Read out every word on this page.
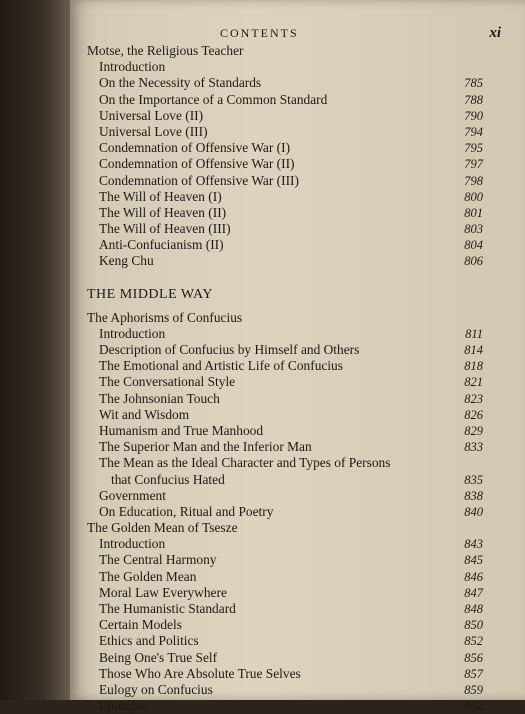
CONTENTS	xi
Motse, the Religious Teacher
Introduction
On the Necessity of Standards	785
On the Importance of a Common Standard	788
Universal Love (II)	790
Universal Love (III)	794
Condemnation of Offensive War (I)	795
Condemnation of Offensive War (II)	797
Condemnation of Offensive War (III)	798
The Will of Heaven (I)	800
The Will of Heaven (II)	801
The Will of Heaven (III)	803
Anti-Confucianism (II)	804
Keng Chu	806
THE MIDDLE WAY
The Aphorisms of Confucius
Introduction	811
Description of Confucius by Himself and Others	814
The Emotional and Artistic Life of Confucius	818
The Conversational Style	821
The Johnsonian Touch	823
Wit and Wisdom	826
Humanism and True Manhood	829
The Superior Man and the Inferior Man	833
The Mean as the Ideal Character and Types of Persons
that Confucius Hated	835
Government	838
On Education, Ritual and Poetry	840
The Golden Mean of Tsesze
Introduction	843
The Central Harmony	845
The Golden Mean	846
Moral Law Everywhere	847
The Humanistic Standard	848
Certain Models	850
Ethics and Politics	852
Being One's True Self	856
Those Who Are Absolute True Selves	857
Eulogy on Confucius	859
Epilogue	862
